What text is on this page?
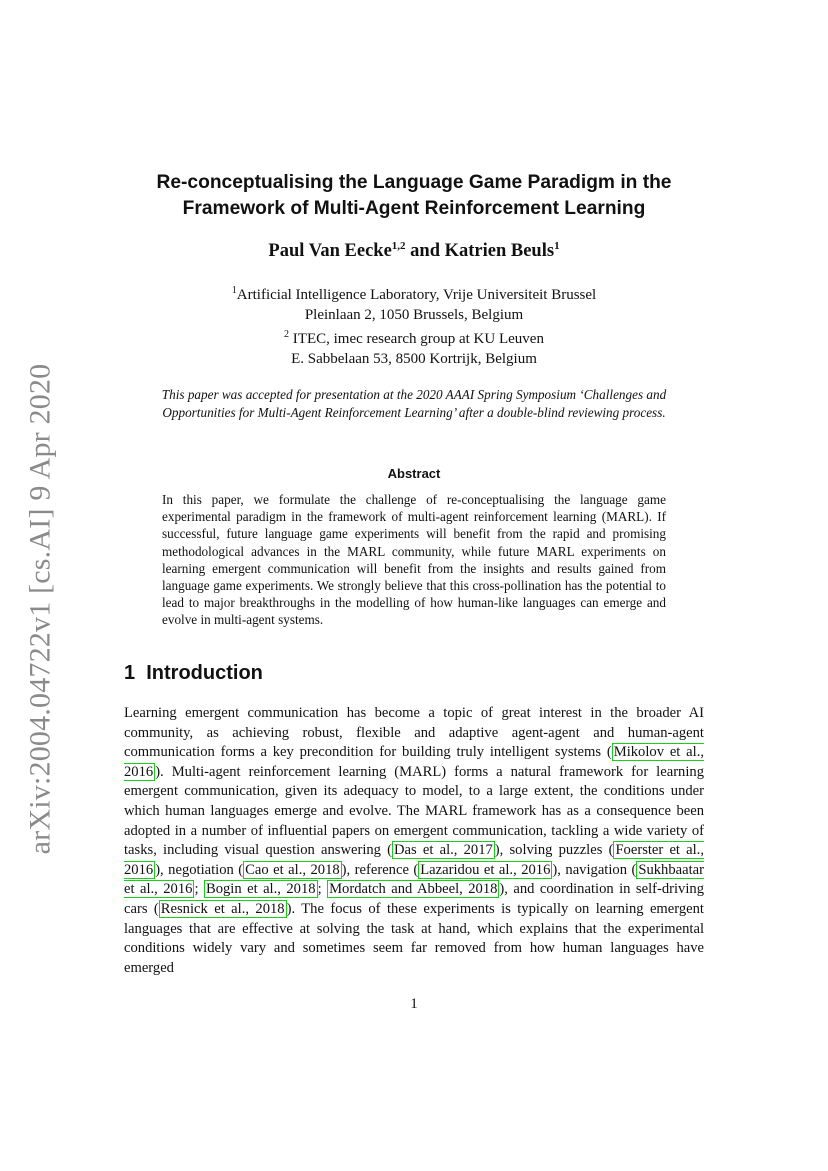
arXiv:2004.04722v1 [cs.AI] 9 Apr 2020
Re-conceptualising the Language Game Paradigm in the
Framework of Multi-Agent Reinforcement Learning
Paul Van Eecke$^{1,2}$ and Katrien Beuls$^1$
$^1$Artificial Intelligence Laboratory, Vrije Universiteit Brussel
Pleinlaan 2, 1050 Brussels, Belgium
$^2$ ITEC, imec research group at KU Leuven
E. Sabbelaan 53, 8500 Kortrijk, Belgium
This paper was accepted for presentation at the 2020 AAAI Spring Symposium ‘Challenges and
Opportunities for Multi-Agent Reinforcement Learning’ after a double-blind reviewing process.
Abstract
In this paper, we formulate the challenge of re-conceptualising the language game experimental paradigm in the framework of multi-agent reinforcement learning (MARL). If successful, future language game experiments will benefit from the rapid and promising methodological advances in the MARL community, while future MARL experiments on learning emergent communication will benefit from the insights and results gained from language game experiments. We strongly believe that this cross-pollination has the potential to lead to major breakthroughs in the modelling of how human-like languages can emerge and evolve in multi-agent systems.
1 Introduction
Learning emergent communication has become a topic of great interest in the broader AI community, as achieving robust, flexible and adaptive agent-agent and human-agent communication forms a key precondition for building truly intelligent systems ( Mikolov et al., 2016 ). Multi-agent reinforcement learning (MARL) forms a natural framework for learning emergent communication, given its adequacy to model, to a large extent, the conditions under which human languages emerge and evolve. The MARL framework has as a consequence been adopted in a number of influential papers on emergent communication, tackling a wide variety of tasks, including visual question answering ( Das et al., 2017 ), solving puzzles ( Foerster et al., 2016 ), negotiation ( Cao et al., 2018 ), reference ( Lazaridou et al., 2016 ), navigation ( Sukhbaatar et al., 2016 ; Bogin et al., 2018 ; Mordatch and Abbeel, 2018 ), and coordination in self-driving cars ( Resnick et al., 2018 ). The focus of these experiments is typically on learning emergent languages that are effective at solving the task at hand, which explains that the experimental conditions widely vary and sometimes seem far removed from how human languages have emerged
1
